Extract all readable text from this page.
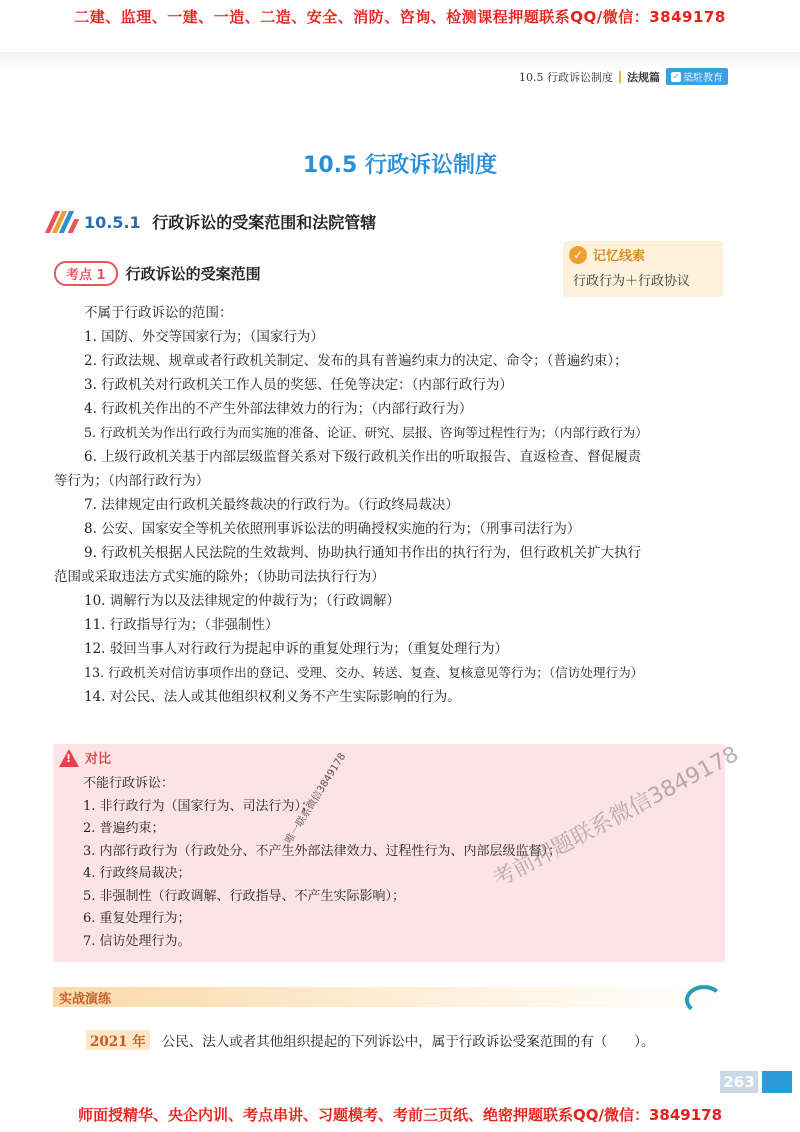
二建、监理、一建、一造、二造、安全、消防、咨询、检测课程押题联系QQ/微信：3849178
10.5 行政诉讼制度 法规篇 ✓ 築駐教育
10.5 行政诉讼制度
10.5.1 行政诉讼的受案范围和法院管辖
考点 1	行政诉讼的受案范围
✓ 记忆线索
行政行为＋行政协议
不属于行政诉讼的范围：
1. 国防、外交等国家行为；（国家行为）
2. 行政法规、规章或者行政机关制定、发布的具有普遍约束力的决定、命令；（普遍约束）；
3. 行政机关对行政机关工作人员的奖惩、任免等决定：（内部行政行为）
4. 行政机关作出的不产生外部法律效力的行为；（内部行政行为）
5. 行政机关为作出行政行为而实施的准备、论证、研究、层报、咨询等过程性行为；（内部行政行为）
6. 上级行政机关基于内部层级监督关系对下级行政机关作出的听取报告、直返检查、督促履责
等行为；（内部行政行为）
7. 法律规定由行政机关最终裁决的行政行为。（行政终局裁决）
8. 公安、国家安全等机关依照刑事诉讼法的明确授权实施的行为；（刑事司法行为）
9. 行政机关根据人民法院的生效裁判、协助执行通知书作出的执行行为，但行政机关扩大执行
范围或采取违法方式实施的除外；（协助司法执行行为）
10. 调解行为以及法律规定的仲裁行为；（行政调解）
11. 行政指导行为；（非强制性）
12. 驳回当事人对行政行为提起申诉的重复处理行为；（重复处理行为）
13. 行政机关对信访事项作出的登记、受理、交办、转送、复查、复核意见等行为；（信访处理行为）
14. 对公民、法人或其他组织权利义务不产生实际影响的行为。
!
对比
不能行政诉讼：
1. 非行政行为（国家行为、司法行为）；
2. 普遍约束；
3. 内部行政行为（行政处分、不产生外部法律效力、过程性行为、内部层级监督）；
4. 行政终局裁决；
5. 非强制性（行政调解、行政指导、不产生实际影响）；
6. 重复处理行为；
7. 信访处理行为。
考前押题联系微信3849178
唯一联系微信3849178
实战演练
2021 年 公民、法人或者其他组织提起的下列诉讼中，属于行政诉讼受案范围的有（　　）。
263
师面授精华、央企内训、考点串讲、习题模考、考前三页纸、绝密押题联系QQ/微信：3849178
